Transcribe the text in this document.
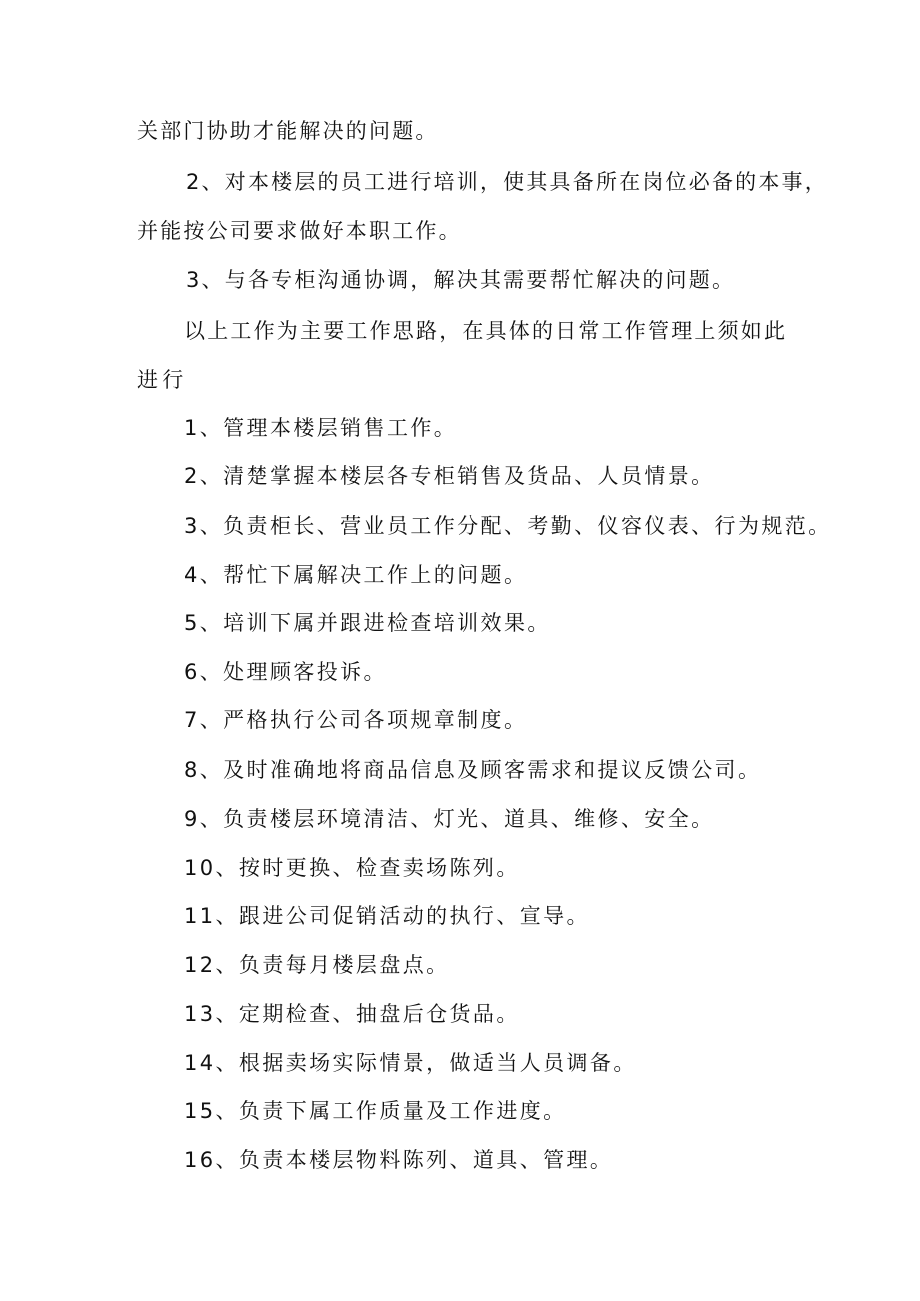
关部门协助才能解决的问题。
2、对本楼层的员工进行培训，使其具备所在岗位必备的本事，
并能按公司要求做好本职工作。
3、与各专柜沟通协调，解决其需要帮忙解决的问题。
以上工作为主要工作思路，在具体的日常工作管理上须如此
进行
1、管理本楼层销售工作。
2、清楚掌握本楼层各专柜销售及货品、人员情景。
3、负责柜长、营业员工作分配、考勤、仪容仪表、行为规范。
4、帮忙下属解决工作上的问题。
5、培训下属并跟进检查培训效果。
6、处理顾客投诉。
7、严格执行公司各项规章制度。
8、及时准确地将商品信息及顾客需求和提议反馈公司。
9、负责楼层环境清洁、灯光、道具、维修、安全。
10、按时更换、检查卖场陈列。
11、跟进公司促销活动的执行、宣导。
12、负责每月楼层盘点。
13、定期检查、抽盘后仓货品。
14、根据卖场实际情景，做适当人员调备。
15、负责下属工作质量及工作进度。
16、负责本楼层物料陈列、道具、管理。
